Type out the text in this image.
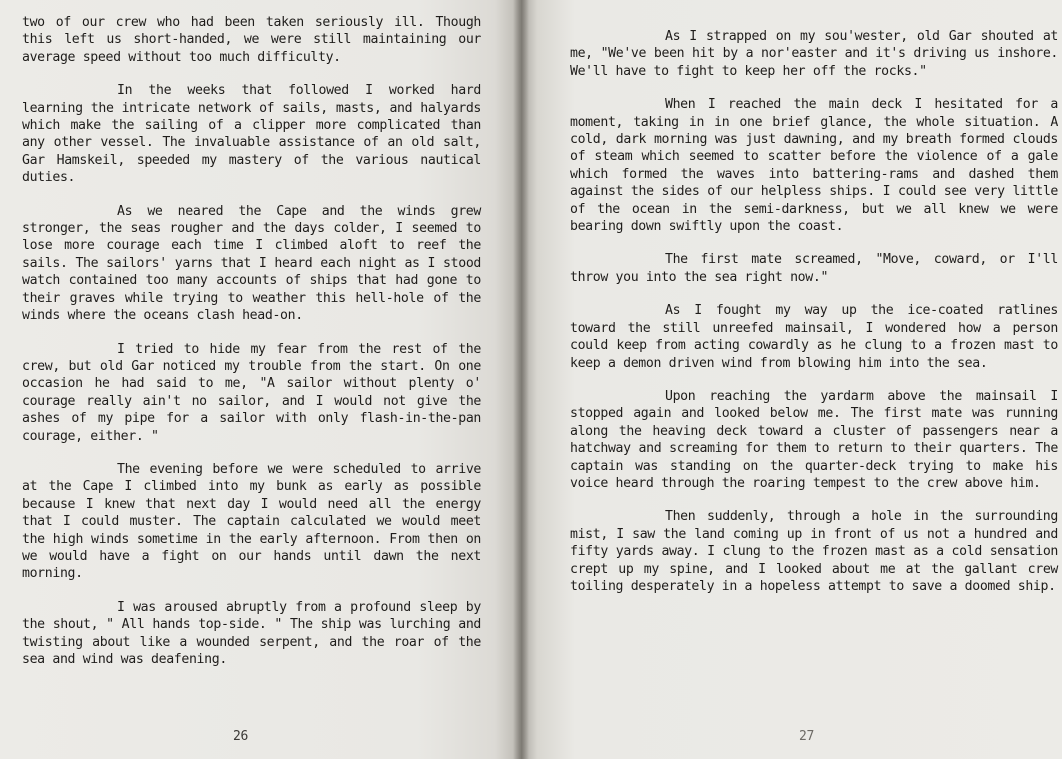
two of our crew who had been taken seriously ill. Though this left us short-handed, we were still maintaining our average speed without too much difficulty.

In the weeks that followed I worked hard learning the intricate network of sails, masts, and halyards which make the sailing of a clipper more complicated than any other vessel. The invaluable assistance of an old salt, Gar Hamskeil, speeded my mastery of the various nautical duties.

As we neared the Cape and the winds grew stronger, the seas rougher and the days colder, I seemed to lose more courage each time I climbed aloft to reef the sails. The sailors' yarns that I heard each night as I stood watch contained too many accounts of ships that had gone to their graves while trying to weather this hell-hole of the winds where the oceans clash head-on.

I tried to hide my fear from the rest of the crew, but old Gar noticed my trouble from the start. On one occasion he had said to me, "A sailor without plenty o' courage really ain't no sailor, and I would not give the ashes of my pipe for a sailor with only flash-in-the-pan courage, either. "

The evening before we were scheduled to arrive at the Cape I climbed into my bunk as early as possible because I knew that next day I would need all the energy that I could muster. The captain calculated we would meet the high winds sometime in the early afternoon. From then on we would have a fight on our hands until dawn the next morning.

I was aroused abruptly from a profound sleep by the shout, " All hands top-side. " The ship was lurching and twisting about like a wounded serpent, and the roar of the sea and wind was deafening.

26

As I strapped on my sou'wester, old Gar shouted at me, "We've been hit by a nor'easter and it's driving us inshore. We'll have to fight to keep her off the rocks."

When I reached the main deck I hesitated for a moment, taking in in one brief glance, the whole situation. A cold, dark morning was just dawning, and my breath formed clouds of steam which seemed to scatter before the violence of a gale which formed the waves into battering-rams and dashed them against the sides of our helpless ships. I could see very little of the ocean in the semi-darkness, but we all knew we were bearing down swiftly upon the coast.

The first mate screamed, "Move, coward, or I'll throw you into the sea right now."

As I fought my way up the ice-coated ratlines toward the still unreefed mainsail, I wondered how a person could keep from acting cowardly as he clung to a frozen mast to keep a demon driven wind from blowing him into the sea.

Upon reaching the yardarm above the mainsail I stopped again and looked below me. The first mate was running along the heaving deck toward a cluster of passengers near a hatchway and screaming for them to return to their quarters. The captain was standing on the quarter-deck trying to make his voice heard through the roaring tempest to the crew above him.

Then suddenly, through a hole in the surrounding mist, I saw the land coming up in front of us not a hundred and fifty yards away. I clung to the frozen mast as a cold sensation crept up my spine, and I looked about me at the gallant crew toiling desperately in a hopeless attempt to save a doomed ship.

27
